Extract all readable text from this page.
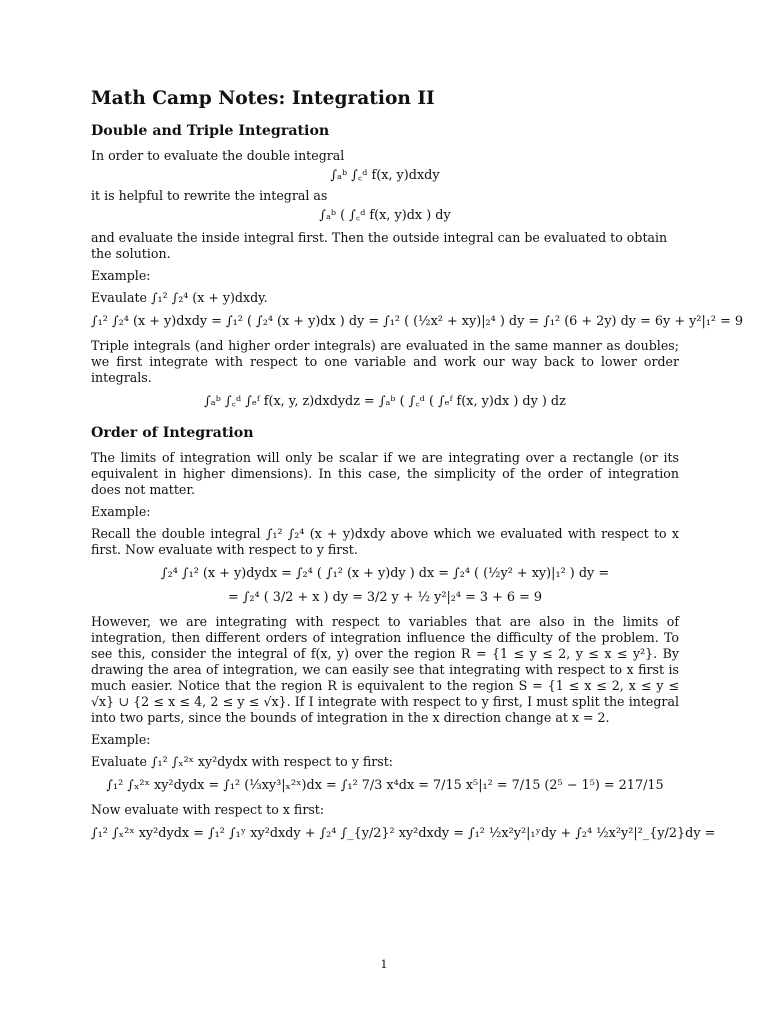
Math Camp Notes: Integration II
Double and Triple Integration

In order to evaluate the double integral

∫ₐᵇ ∫꜀ᵈ f(x, y)dxdy

it is helpful to rewrite the integral as

∫ₐᵇ ( ∫꜀ᵈ f(x, y)dx ) dy

and evaluate the inside integral first. Then the outside integral can be evaluated to obtain the solution.

Example:

Evaulate ∫₁² ∫₂⁴ (x + y)dxdy.

∫₁² ∫₂⁴ (x + y)dxdy = ∫₁² ( ∫₂⁴ (x + y)dx ) dy = ∫₁² ( (½x² + xy)|₂⁴ ) dy = ∫₁² (6 + 2y) dy = 6y + y²|₁² = 9

Triple integrals (and higher order integrals) are evaluated in the same manner as doubles; we first integrate with respect to one variable and work our way back to lower order integrals.

∫ₐᵇ ∫꜀ᵈ ∫ₑᶠ f(x, y, z)dxdydz = ∫ₐᵇ ( ∫꜀ᵈ ( ∫ₑᶠ f(x, y)dx ) dy ) dz
Order of Integration

The limits of integration will only be scalar if we are integrating over a rectangle (or its equivalent in higher dimensions). In this case, the simplicity of the order of integration does not matter.

Example:

Recall the double integral ∫₁² ∫₂⁴ (x + y)dxdy above which we evaluated with respect to x first. Now evaluate with respect to y first.

∫₂⁴ ∫₁² (x + y)dydx = ∫₂⁴ ( ∫₁² (x + y)dy ) dx = ∫₂⁴ ( (½y² + xy)|₁² ) dy =
= ∫₂⁴ ( 3/2 + x ) dy = 3/2 y + ½ y²|₂⁴ = 3 + 6 = 9

However, we are integrating with respect to variables that are also in the limits of integration, then different orders of integration influence the difficulty of the problem. To see this, consider the integral of f(x, y) over the region R = {1 ≤ y ≤ 2, y ≤ x ≤ y²}. By drawing the area of integration, we can easily see that integrating with respect to x first is much easier. Notice that the region R is equivalent to the region S = {1 ≤ x ≤ 2, x ≤ y ≤ √x} ∪ {2 ≤ x ≤ 4, 2 ≤ y ≤ √x}. If I integrate with respect to y first, I must split the integral into two parts, since the bounds of integration in the x direction change at x = 2.

Example:

Evaluate ∫₁² ∫ₓ²ˣ xy²dydx with respect to y first:

∫₁² ∫ₓ²ˣ xy²dydx = ∫₁² (⅓xy³|ₓ²ˣ)dx = ∫₁² 7/3 x⁴dx = 7/15 x⁵|₁² = 7/15 (2⁵ − 1⁵) = 217/15

Now evaluate with respect to x first:

∫₁² ∫ₓ²ˣ xy²dydx = ∫₁² ∫₁ʸ xy²dxdy + ∫₂⁴ ∫_{y/2}² xy²dxdy = ∫₁² ½x²y²|₁ʸdy + ∫₂⁴ ½x²y²|²_{y/2}dy =
1
